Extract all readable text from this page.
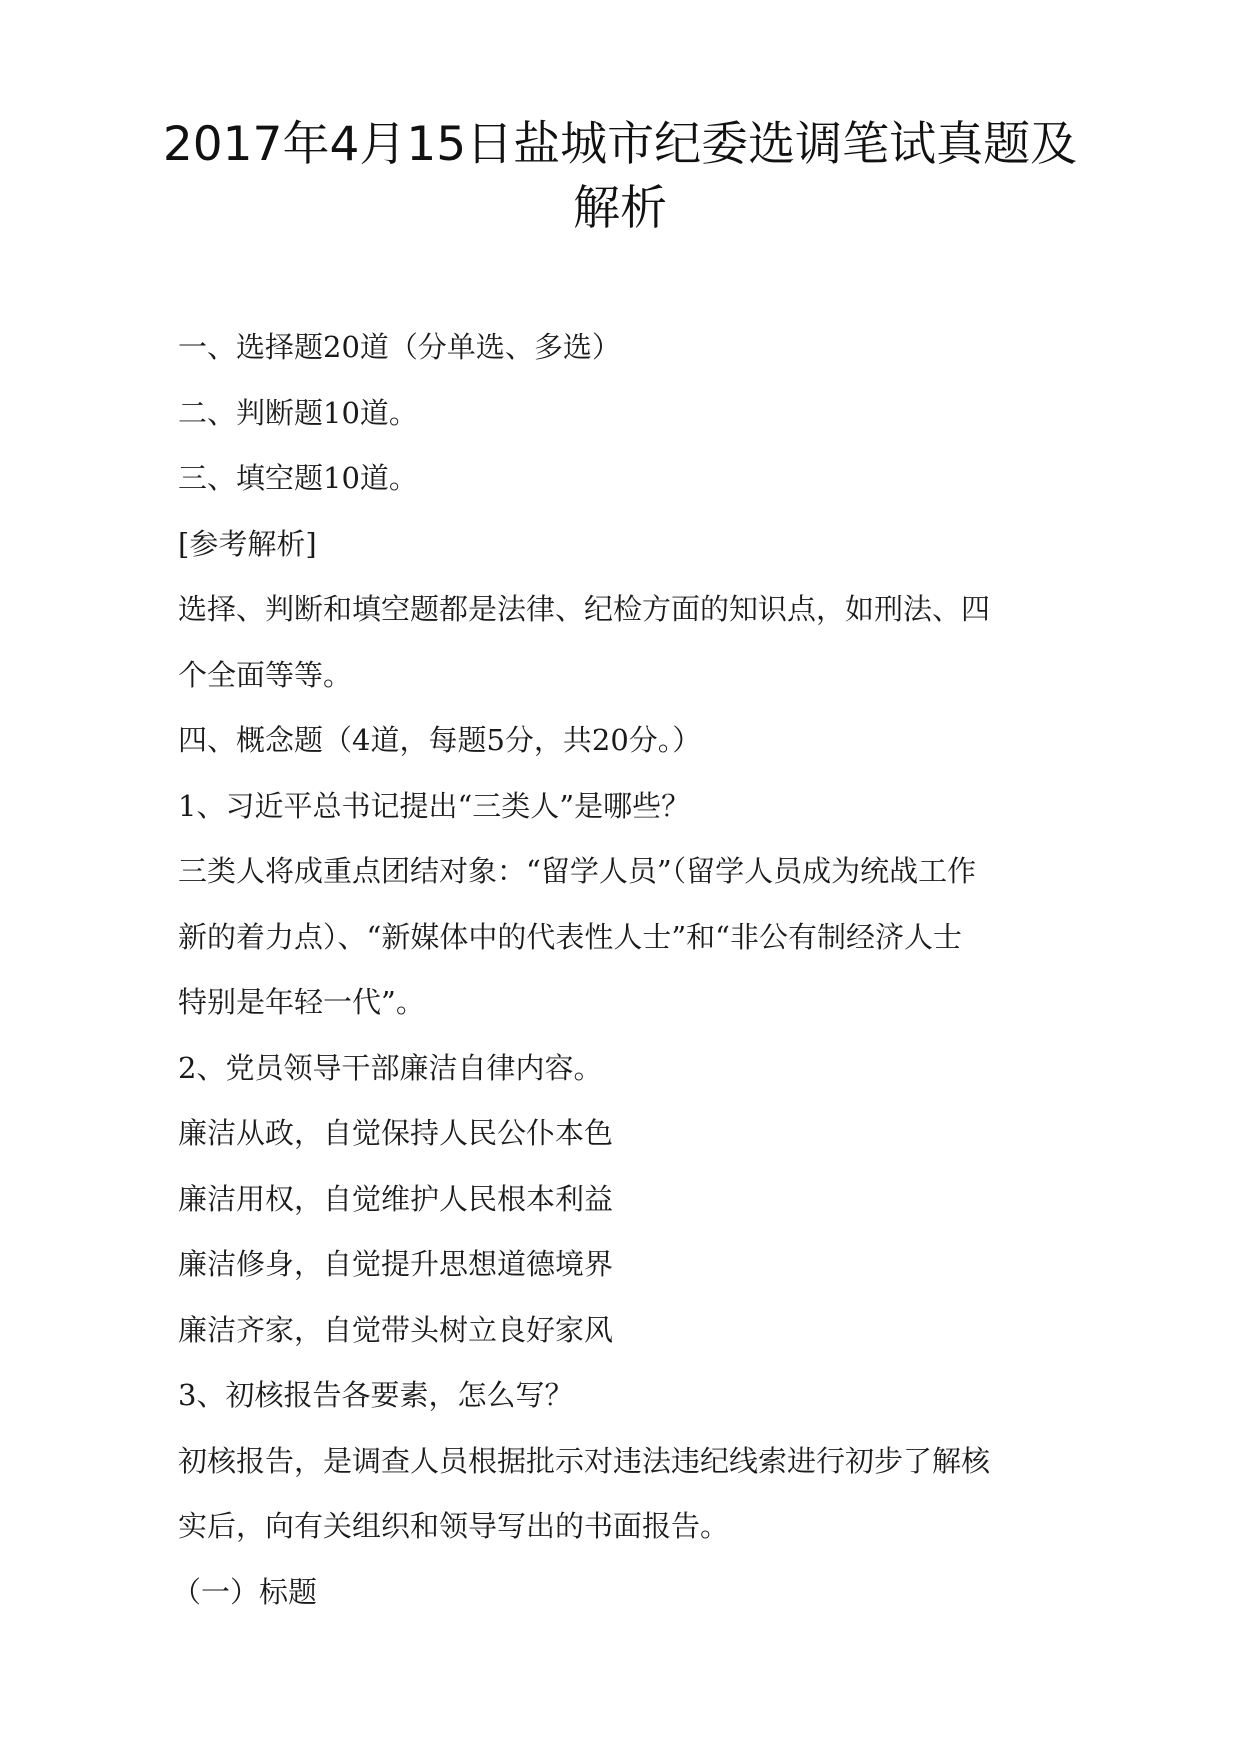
2017年4月15日盐城市纪委选调笔试真题及
解析

一、选择题20道（分单选、多选）

二、判断题10道。

三、填空题10道。

[参考解析]

选择、判断和填空题都是法律、纪检方面的知识点，如刑法、四

个全面等等。

四、概念题（4道，每题5分，共20分。）

1、习近平总书记提出“三类人”是哪些？

三类人将成重点团结对象：“留学人员”（留学人员成为统战工作

新的着力点）、“新媒体中的代表性人士”和“非公有制经济人士

特别是年轻一代”。

2、党员领导干部廉洁自律内容。

廉洁从政，自觉保持人民公仆本色

廉洁用权，自觉维护人民根本利益

廉洁修身，自觉提升思想道德境界

廉洁齐家，自觉带头树立良好家风

3、初核报告各要素，怎么写？

初核报告，是调查人员根据批示对违法违纪线索进行初步了解核

实后，向有关组织和领导写出的书面报告。

（一）标题
